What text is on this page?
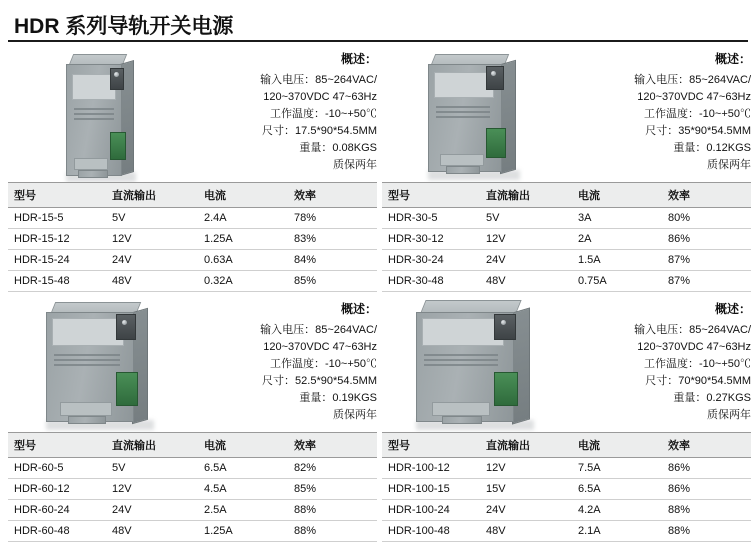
HDR 系列导轨开关电源
概述：
输入电压：85~264VAC/
120~370VDC 47~63Hz
工作温度：-10~+50℃
尺寸：17.5*90*54.5MM
重量：0.08KGS
质保两年
型号	直流输出	电流	效率
HDR-15-5	5V	2.4A	78%
HDR-15-12	12V	1.25A	83%
HDR-15-24	24V	0.63A	84%
HDR-15-48	48V	0.32A	85%
概述：
输入电压：85~264VAC/
120~370VDC 47~63Hz
工作温度：-10~+50℃
尺寸：35*90*54.5MM
重量：0.12KGS
质保两年
型号	直流输出	电流	效率
HDR-30-5	5V	3A	80%
HDR-30-12	12V	2A	86%
HDR-30-24	24V	1.5A	87%
HDR-30-48	48V	0.75A	87%
概述：
输入电压：85~264VAC/
120~370VDC 47~63Hz
工作温度：-10~+50℃
尺寸：52.5*90*54.5MM
重量：0.19KGS
质保两年
型号	直流输出	电流	效率
HDR-60-5	5V	6.5A	82%
HDR-60-12	12V	4.5A	85%
HDR-60-24	24V	2.5A	88%
HDR-60-48	48V	1.25A	88%
概述：
输入电压：85~264VAC/
120~370VDC 47~63Hz
工作温度：-10~+50℃
尺寸：70*90*54.5MM
重量：0.27KGS
质保两年
型号	直流输出	电流	效率
HDR-100-12	12V	7.5A	86%
HDR-100-15	15V	6.5A	86%
HDR-100-24	24V	4.2A	88%
HDR-100-48	48V	2.1A	88%
